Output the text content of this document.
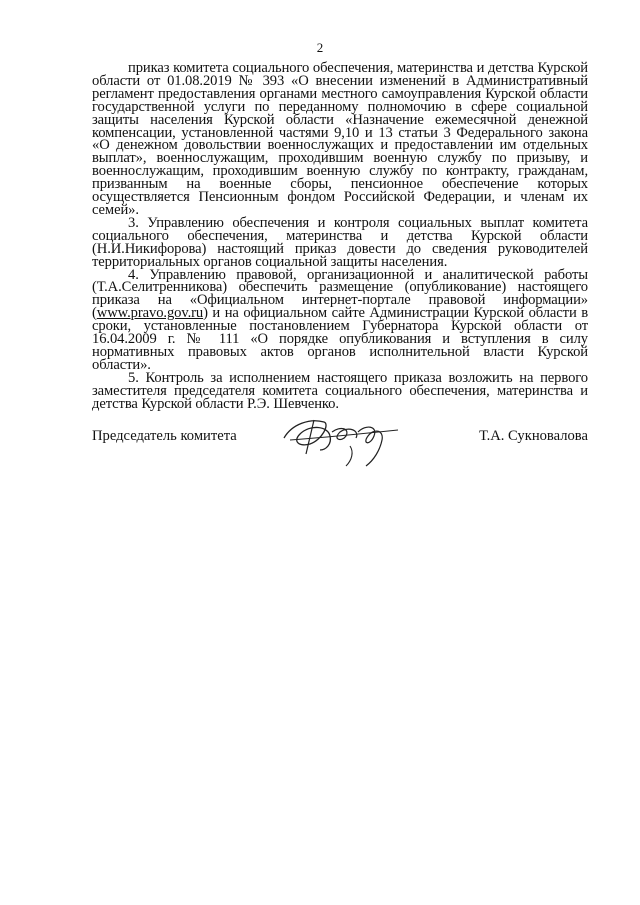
2

приказ комитета социального обеспечения, материнства и детства Курской области от 01.08.2019 № 393 «О внесении изменений в Административный регламент предоставления органами местного самоуправления Курской области государственной услуги по переданному полномочию в сфере социальной защиты населения Курской области «Назначение ежемесячной денежной компенсации, установленной частями 9,10 и 13 статьи 3 Федерального закона «О денежном довольствии военнослужащих и предоставлении им отдельных выплат», военнослужащим, проходившим военную службу по призыву, и военнослужащим, проходившим военную службу по контракту, гражданам, призванным на военные сборы, пенсионное обеспечение которых осуществляется Пенсионным фондом Российской Федерации, и членам их семей».

3. Управлению обеспечения и контроля социальных выплат комитета социального обеспечения, материнства и детства Курской области (Н.И.Никифорова) настоящий приказ довести до сведения руководителей территориальных органов социальной защиты населения.

4. Управлению правовой, организационной и аналитической работы (Т.А.Селитренникова) обеспечить размещение (опубликование) настоящего приказа на «Официальном интернет-портале правовой информации» (www.pravo.gov.ru) и на официальном сайте Администрации Курской области в сроки, установленные постановлением Губернатора Курской области от 16.04.2009 г. № 111 «О порядке опубликования и вступления в силу нормативных правовых актов органов исполнительной власти Курской области».

5. Контроль за исполнением настоящего приказа возложить на первого заместителя председателя комитета социального обеспечения, материнства и детства Курской области Р.Э. Шевченко.

Председатель комитета	Т.А. Сукновалова
